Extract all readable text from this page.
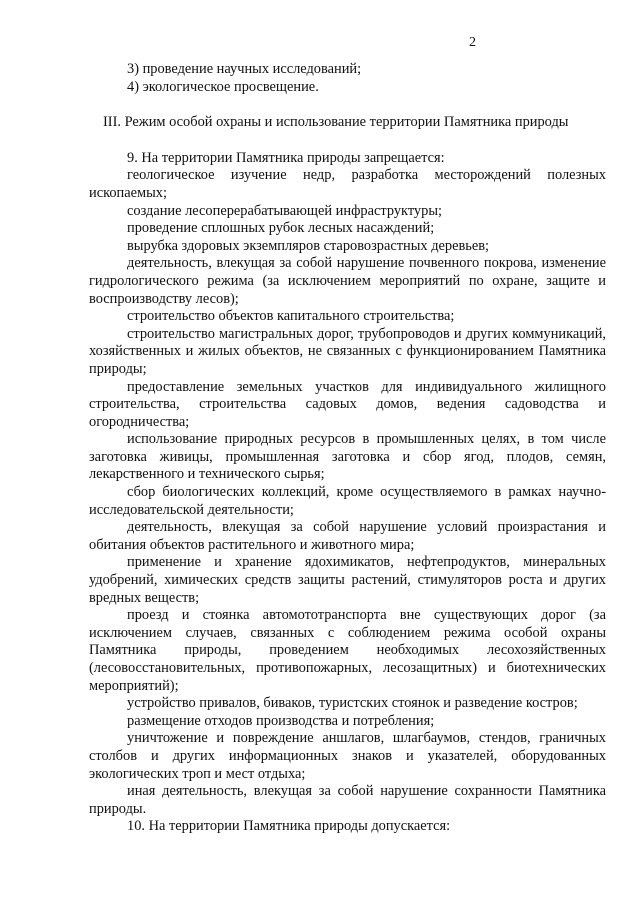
2

3) проведение научных исследований;

4) экологическое просвещение.

III. Режим особой охраны и использование территории Памятника природы

9. На территории Памятника природы запрещается:

геологическое изучение недр, разработка месторождений полезных ископаемых;

создание лесоперерабатывающей инфраструктуры;

проведение сплошных рубок лесных насаждений;

вырубка здоровых экземпляров старовозрастных деревьев;

деятельность, влекущая за собой нарушение почвенного покрова, изменение гидрологического режима (за исключением мероприятий по охране, защите и воспроизводству лесов);

строительство объектов капитального строительства;

строительство магистральных дорог, трубопроводов и других коммуникаций, хозяйственных и жилых объектов, не связанных с функционированием Памятника природы;

предоставление земельных участков для индивидуального жилищного строительства, строительства садовых домов, ведения садоводства и огородничества;

использование природных ресурсов в промышленных целях, в том числе заготовка живицы, промышленная заготовка и сбор ягод, плодов, семян, лекарственного и технического сырья;

сбор биологических коллекций, кроме осуществляемого в рамках научно-исследовательской деятельности;

деятельность, влекущая за собой нарушение условий произрастания и обитания объектов растительного и животного мира;

применение и хранение ядохимикатов, нефтепродуктов, минеральных удобрений, химических средств защиты растений, стимуляторов роста и других вредных веществ;

проезд и стоянка автомототранспорта вне существующих дорог (за исключением случаев, связанных с соблюдением режима особой охраны Памятника природы, проведением необходимых лесохозяйственных (лесовосстановительных, противопожарных, лесозащитных) и биотехнических мероприятий);

устройство привалов, биваков, туристских стоянок и разведение костров;

размещение отходов производства и потребления;

уничтожение и повреждение аншлагов, шлагбаумов, стендов, граничных столбов и других информационных знаков и указателей, оборудованных экологических троп и мест отдыха;

иная деятельность, влекущая за собой нарушение сохранности Памятника природы.

10. На территории Памятника природы допускается:
